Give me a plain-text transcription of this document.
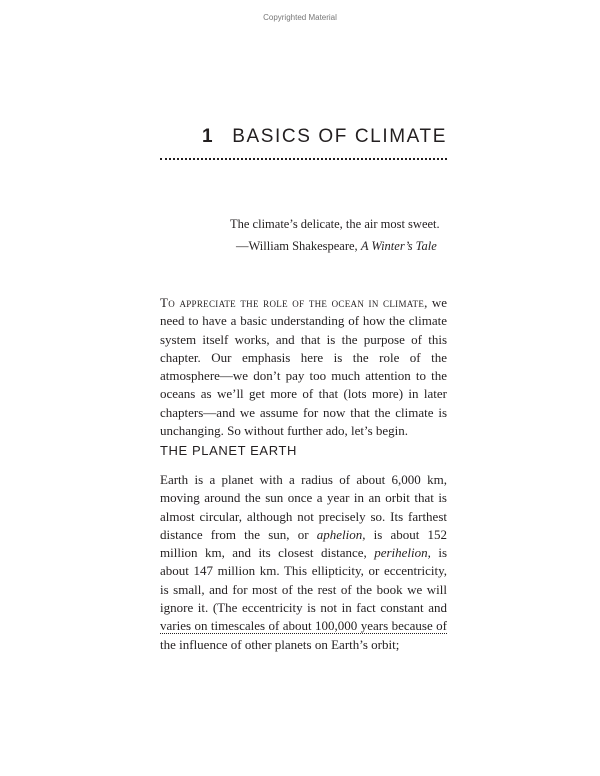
Copyrighted Material
1 BASICS OF CLIMATE
The climate’s delicate, the air most sweet.
—William Shakespeare, A Winter’s Tale
To appreciate the role of the ocean in climate, we need to have a basic understanding of how the climate system itself works, and that is the purpose of this chapter. Our emphasis here is the role of the atmosphere—we don’t pay too much attention to the oceans as we’ll get more of that (lots more) in later chapters—and we assume for now that the climate is unchanging. So without further ado, let’s begin.
THE PLANET EARTH
Earth is a planet with a radius of about 6,000 km, moving around the sun once a year in an orbit that is almost circular, although not precisely so. Its farthest distance from the sun, or aphelion, is about 152 million km, and its closest distance, perihelion, is about 147 million km. This ellipticity, or eccentricity, is small, and for most of the rest of the book we will ignore it. (The eccentricity is not in fact constant and varies on timescales of about 100,000 years because of the influence of other planets on Earth’s orbit;
